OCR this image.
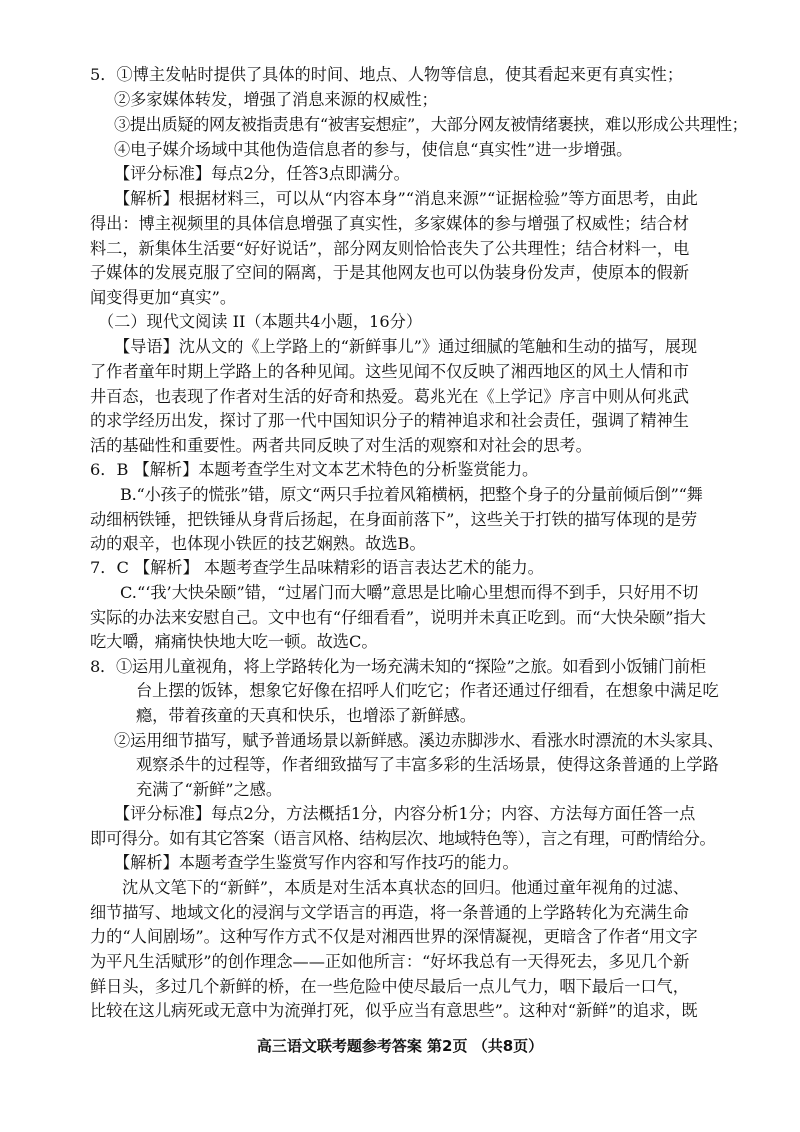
5．①博主发帖时提供了具体的时间、地点、人物等信息，使其看起来更有真实性；
②多家媒体转发，增强了消息来源的权威性；
③提出质疑的网友被指责患有“被害妄想症”，大部分网友被情绪裹挟，难以形成公共理性；
④电子媒介场域中其他伪造信息者的参与，使信息“真实性”进一步增强。
【评分标准】每点2分，任答3点即满分。
【解析】根据材料三，可以从“内容本身”“消息来源”“证据检验”等方面思考，由此
得出：博主视频里的具体信息增强了真实性，多家媒体的参与增强了权威性；结合材
料二，新集体生活要“好好说话”，部分网友则恰恰丧失了公共理性；结合材料一，电
子媒体的发展克服了空间的隔离，于是其他网友也可以伪装身份发声，使原本的假新
闻变得更加“真实”。
（二）现代文阅读 II（本题共4小题，16分）
【导语】沈从文的《上学路上的“新鲜事儿”》通过细腻的笔触和生动的描写，展现
了作者童年时期上学路上的各种见闻。这些见闻不仅反映了湘西地区的风土人情和市
井百态，也表现了作者对生活的好奇和热爱。葛兆光在《上学记》序言中则从何兆武
的求学经历出发，探讨了那一代中国知识分子的精神追求和社会责任，强调了精神生
活的基础性和重要性。两者共同反映了对生活的观察和对社会的思考。
6．B 【解析】本题考查学生对文本艺术特色的分析鉴赏能力。
B.“小孩子的慌张”错，原文“两只手拉着风箱横柄，把整个身子的分量前倾后倒”“舞
动细柄铁锤，把铁锤从身背后扬起，在身面前落下”，这些关于打铁的描写体现的是劳
动的艰辛，也体现小铁匠的技艺娴熟。故选B。
7．C 【解析】 本题考查学生品味精彩的语言表达艺术的能力。
C.“‘我’大快朵颐”错，“过屠门而大嚼”意思是比喻心里想而得不到手，只好用不切
实际的办法来安慰自己。文中也有“仔细看看”，说明并未真正吃到。而“大快朵颐”指大
吃大嚼，痛痛快快地大吃一顿。故选C。
8．①运用儿童视角，将上学路转化为一场充满未知的“探险”之旅。如看到小饭铺门前柜
台上摆的饭钵，想象它好像在招呼人们吃它；作者还通过仔细看，在想象中满足吃
瘾，带着孩童的天真和快乐，也增添了新鲜感。
②运用细节描写，赋予普通场景以新鲜感。溪边赤脚涉水、看涨水时漂流的木头家具、
观察杀牛的过程等，作者细致描写了丰富多彩的生活场景，使得这条普通的上学路
充满了“新鲜”之感。
【评分标准】每点2分，方法概括1分，内容分析1分；内容、方法每方面任答一点
即可得分。如有其它答案（语言风格、结构层次、地域特色等），言之有理，可酌情给分。
【解析】本题考查学生鉴赏写作内容和写作技巧的能力。
沈从文笔下的“新鲜”，本质是对生活本真状态的回归。他通过童年视角的过滤、
细节描写、地域文化的浸润与文学语言的再造，将一条普通的上学路转化为充满生命
力的“人间剧场”。这种写作方式不仅是对湘西世界的深情凝视，更暗含了作者“用文字
为平凡生活赋形”的创作理念——正如他所言：“好坏我总有一天得死去，多见几个新
鲜日头，多过几个新鲜的桥，在一些危险中使尽最后一点儿气力，咽下最后一口气，
比较在这儿病死或无意中为流弹打死，似乎应当有意思些”。这种对“新鲜”的追求，既
高三语文联考题参考答案 第2页 （共8页）
